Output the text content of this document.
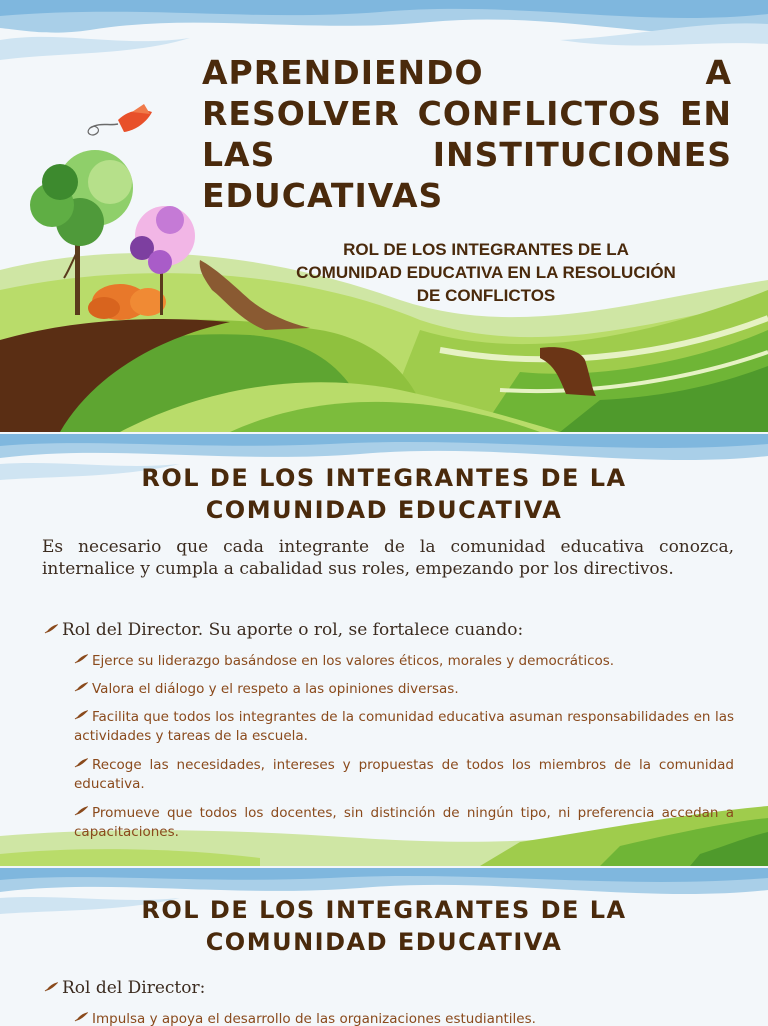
APRENDIENDO A RESOLVER CONFLICTOS EN LAS INSTITUCIONES EDUCATIVAS
ROL DE LOS INTEGRANTES DE LA COMUNIDAD EDUCATIVA EN LA RESOLUCIÓN DE CONFLICTOS
ROL DE LOS INTEGRANTES DE LA COMUNIDAD EDUCATIVA

Es necesario que cada integrante de la comunidad educativa conozca, internalice y cumpla a cabalidad sus roles, empezando por los directivos.

Rol del Director. Su aporte o rol, se fortalece cuando:
Ejerce su liderazgo basándose en los valores éticos, morales y democráticos.
Valora el diálogo y el respeto a las opiniones diversas.
Facilita que todos los integrantes de la comunidad educativa asuman responsabilidades en las actividades y tareas de la escuela.
Recoge las necesidades, intereses y propuestas de todos los miembros de la comunidad educativa.
Promueve que todos los docentes, sin distinción de ningún tipo, ni preferencia accedan a capacitaciones.
ROL DE LOS INTEGRANTES DE LA COMUNIDAD EDUCATIVA
Rol del Director:
Impulsa y apoya el desarrollo de las organizaciones estudiantiles.
